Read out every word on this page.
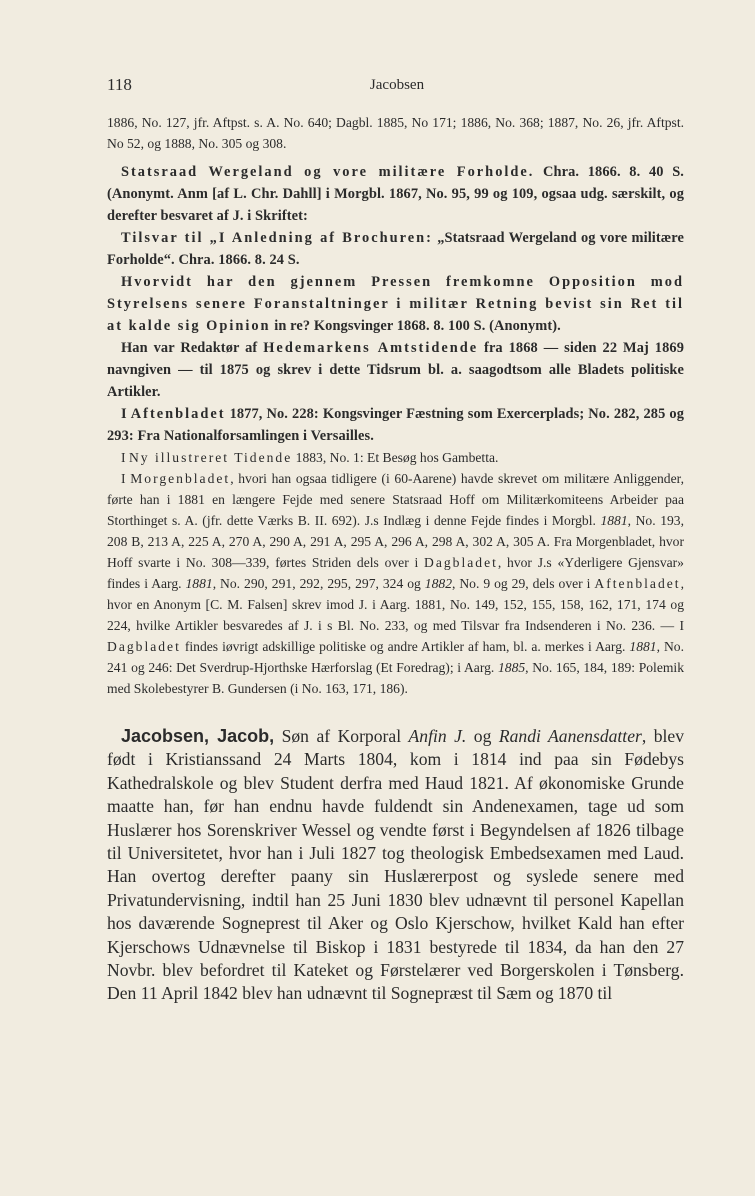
118	Jacobsen

1886, No. 127, jfr. Aftpst. s. A. No. 640; Dagbl. 1885, No 171; 1886, No. 368; 1887, No. 26, jfr. Aftpst. No 52, og 1888, No. 305 og 308.

Statsraad Wergeland og vore militære Forholde. Chra. 1866. 8. 40 S. (Anonymt. Anm [af L. Chr. Dahll] i Morgbl. 1867, No. 95, 99 og 109, ogsaa udg. særskilt, og derefter besvaret af J. i Skriftet:

Tilsvar til „I Anledning af Brochuren: „Statsraad Wergeland og vore militære Forholde“. Chra. 1866. 8. 24 S.

Hvorvidt har den gjennem Pressen fremkomne Opposition mod Styrelsens senere Foranstaltninger i militær Retning bevist sin Ret til at kalde sig Opinion in re? Kongsvinger 1868. 8. 100 S. (Anonymt).

Han var Redaktør af Hedemarkens Amtstidende fra 1868 — siden 22 Maj 1869 navngiven — til 1875 og skrev i dette Tidsrum bl. a. saagodtsom alle Bladets politiske Artikler.

I Aftenbladet 1877, No. 228: Kongsvinger Fæstning som Exercerplads; No. 282, 285 og 293: Fra Nationalforsamlingen i Versailles.

I Ny illustreret Tidende 1883, No. 1: Et Besøg hos Gambetta.

I Morgenbladet, hvori han ogsaa tidligere (i 60-Aarene) havde skrevet om militære Anliggender, førte han i 1881 en længere Fejde med senere Statsraad Hoff om Militærkomiteens Arbeider paa Storthinget s. A. (jfr. dette Værks B. II. 692). J.s Indlæg i denne Fejde findes i Morgbl. 1881, No. 193, 208 B, 213 A, 225 A, 270 A, 290 A, 291 A, 295 A, 296 A, 298 A, 302 A, 305 A. Fra Morgenbladet, hvor Hoff svarte i No. 308—339, førtes Striden dels over i Dagbladet, hvor J.s «Yderligere Gjensvar» findes i Aarg. 1881, No. 290, 291, 292, 295, 297, 324 og 1882, No. 9 og 29, dels over i Aftenbladet, hvor en Anonym [C. M. Falsen] skrev imod J. i Aarg. 1881, No. 149, 152, 155, 158, 162, 171, 174 og 224, hvilke Artikler besvaredes af J. i s Bl. No. 233, og med Tilsvar fra Indsenderen i No. 236. — I Dagbladet findes iøvrigt adskillige politiske og andre Artikler af ham, bl. a. merkes i Aarg. 1881, No. 241 og 246: Det Sverdrup-Hjorthske Hærforslag (Et Foredrag); i Aarg. 1885, No. 165, 184, 189: Polemik med Skolebestyrer B. Gundersen (i No. 163, 171, 186).

Jacobsen, Jacob, Søn af Korporal Anfin J. og Randi Aanensdatter, blev født i Kristianssand 24 Marts 1804, kom i 1814 ind paa sin Fødebys Kathedralskole og blev Student derfra med Haud 1821. Af økonomiske Grunde maatte han, før han endnu havde fuldendt sin Andenexamen, tage ud som Huslærer hos Sorenskriver Wessel og vendte først i Begyndelsen af 1826 tilbage til Universitetet, hvor han i Juli 1827 tog theologisk Embedsexamen med Laud. Han overtog derefter paany sin Huslærerpost og syslede senere med Privatundervisning, indtil han 25 Juni 1830 blev udnævnt til personel Kapellan hos daværende Sogneprest til Aker og Oslo Kjerschow, hvilket Kald han efter Kjerschows Udnævnelse til Biskop i 1831 bestyrede til 1834, da han den 27 Novbr. blev befordret til Kateket og Førstelærer ved Borgerskolen i Tønsberg. Den 11 April 1842 blev han udnævnt til Sognepræst til Sæm og 1870 til
